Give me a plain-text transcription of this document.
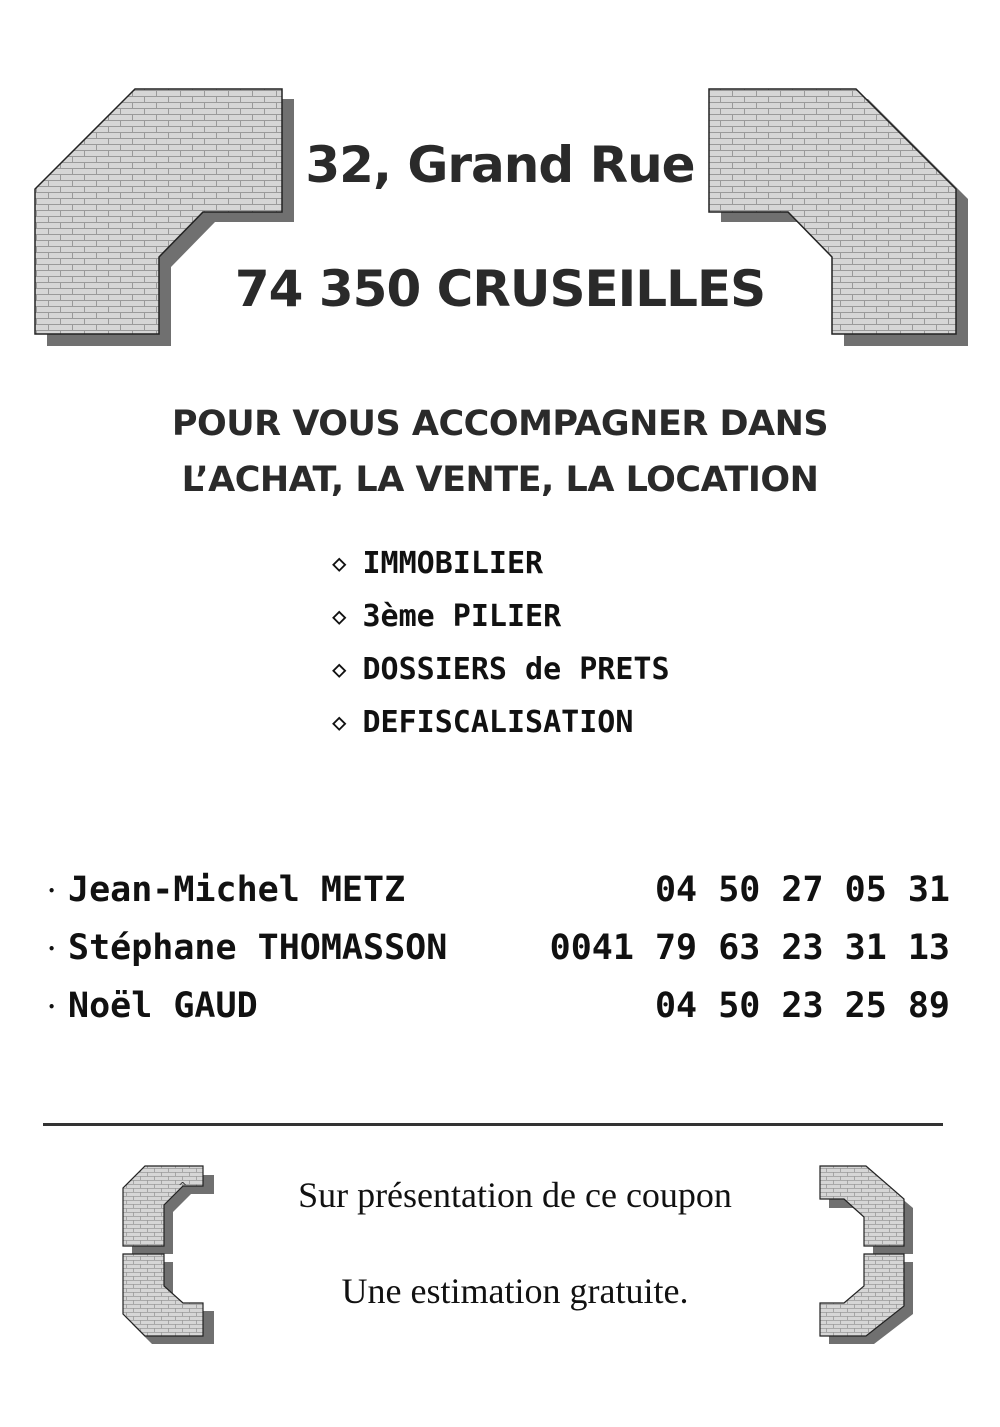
^
32, Grand Rue
74 350 CRUSEILLES
POUR VOUS ACCOMPAGNER DANS
L’ACHAT, LA VENTE, LA LOCATION
◇ IMMOBILIER
◇ 3ème PILIER
◇ DOSSIERS de PRETS
◇ DEFISCALISATION
• Jean-Michel METZ	04 50 27 05 31
• Stéphane THOMASSON	0041 79 63 23 31 13
• Noël GAUD	04 50 23 25 89
Sur présentation de ce coupon
Une estimation gratuite.
